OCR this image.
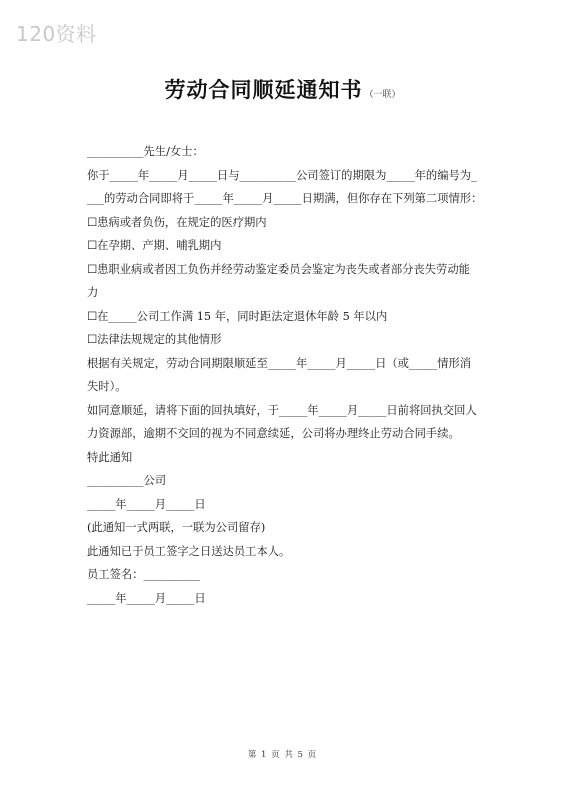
120资料
劳动合同顺延通知书 （一联）
__________先生/女士：
你于_____年_____月_____日与__________公司签订的期限为_____年的编号为_
___的劳动合同即将于_____年_____月_____日期满，但你存在下列第二项情形：
☐患病或者负伤，在规定的医疗期内
☐在孕期、产期、哺乳期内
☐患职业病或者因工负伤并经劳动鉴定委员会鉴定为丧失或者部分丧失劳动能
力
☐在_____公司工作满 15 年，同时距法定退休年龄 5 年以内
☐法律法规规定的其他情形
根据有关规定，劳动合同期限顺延至_____年_____月_____日（或_____情形消
失时）。
如同意顺延，请将下面的回执填好，于_____年_____月_____日前将回执交回人
力资源部，逾期不交回的视为不同意续延，公司将办理终止劳动合同手续。
特此通知
__________公司
_____年_____月_____日
(此通知一式两联，一联为公司留存)
此通知已于员工签字之日送达员工本人。
员工签名：__________
_____年_____月_____日
第 1 页 共 5 页
